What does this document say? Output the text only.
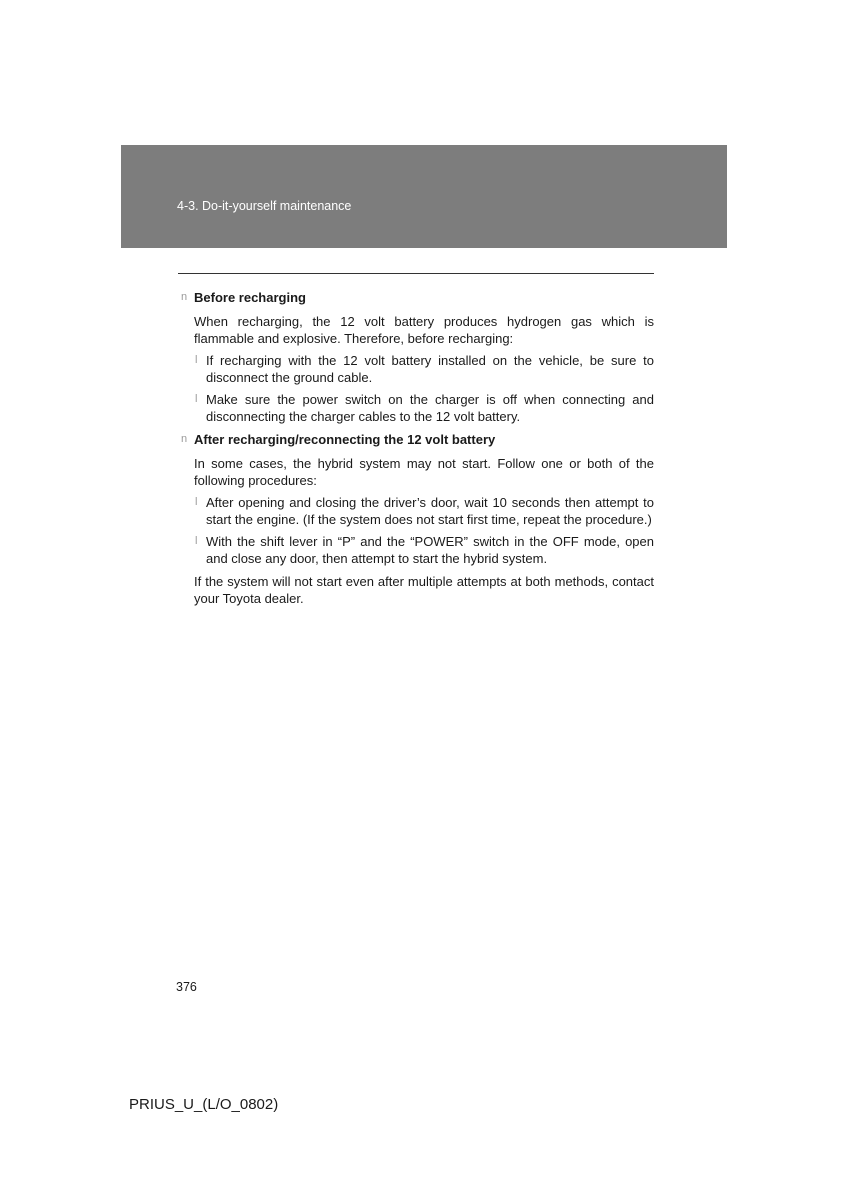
4-3. Do-it-yourself maintenance
n Before recharging
When recharging, the 12 volt battery produces hydrogen gas which is flammable and explosive. Therefore, before recharging:
l If recharging with the 12 volt battery installed on the vehicle, be sure to disconnect the ground cable.
l Make sure the power switch on the charger is off when connecting and disconnecting the charger cables to the 12 volt battery.
n After recharging/reconnecting the 12 volt battery
In some cases, the hybrid system may not start. Follow one or both of the following procedures:
l After opening and closing the driver’s door, wait 10 seconds then attempt to start the engine. (If the system does not start first time, repeat the procedure.)
l With the shift lever in “P” and the “POWER” switch in the OFF mode, open and close any door, then attempt to start the hybrid system.
If the system will not start even after multiple attempts at both methods, contact your Toyota dealer.
376
PRIUS_U_(L/O_0802)
